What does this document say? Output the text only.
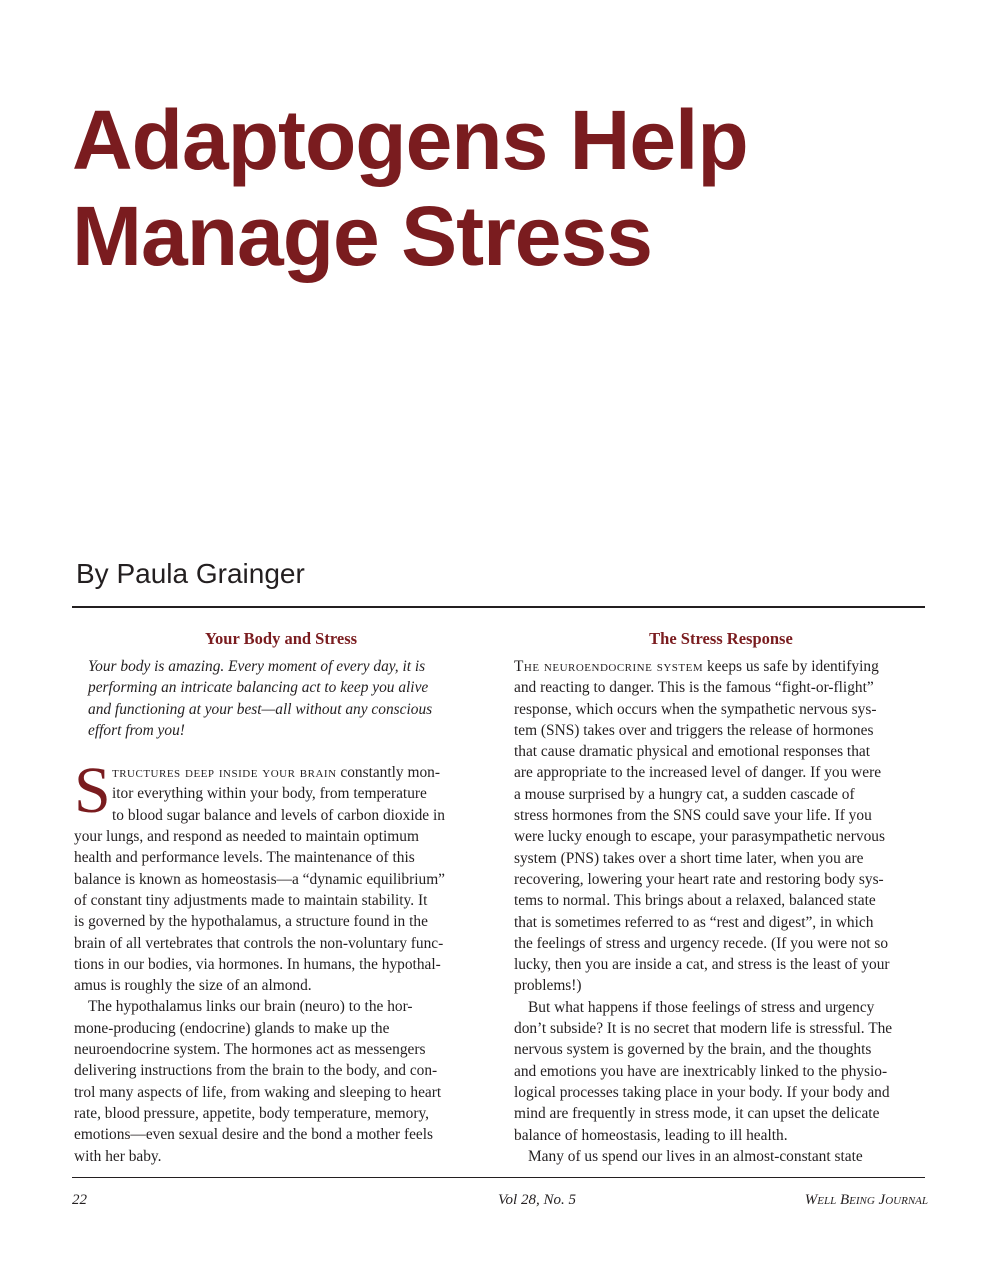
Adaptogens Help
Manage Stress
By Paula Grainger
Your Body and Stress
Your body is amazing. Every moment of every day, it is
performing an intricate balancing act to keep you alive
and functioning at your best—all without any conscious
effort from you!
S tructures deep inside your brain constantly mon-
itor everything within your body, from temperature
to blood sugar balance and levels of carbon dioxide in
your lungs, and respond as needed to maintain optimum
health and performance levels. The maintenance of this
balance is known as homeostasis—a “dynamic equilibrium”
of constant tiny adjustments made to maintain stability. It
is governed by the hypothalamus, a structure found in the
brain of all vertebrates that controls the non-voluntary func-
tions in our bodies, via hormones. In humans, the hypothal-
amus is roughly the size of an almond.
The hypothalamus links our brain (neuro) to the hor-
mone-producing (endocrine) glands to make up the
neuroendocrine system. The hormones act as messengers
delivering instructions from the brain to the body, and con-
trol many aspects of life, from waking and sleeping to heart
rate, blood pressure, appetite, body temperature, memory,
emotions—even sexual desire and the bond a mother feels
with her baby.
The Stress Response
The neuroendocrine system keeps us safe by identifying
and reacting to danger. This is the famous “fight-or-flight”
response, which occurs when the sympathetic nervous sys-
tem (SNS) takes over and triggers the release of hormones
that cause dramatic physical and emotional responses that
are appropriate to the increased level of danger. If you were
a mouse surprised by a hungry cat, a sudden cascade of
stress hormones from the SNS could save your life. If you
were lucky enough to escape, your parasympathetic nervous
system (PNS) takes over a short time later, when you are
recovering, lowering your heart rate and restoring body sys-
tems to normal. This brings about a relaxed, balanced state
that is sometimes referred to as “rest and digest”, in which
the feelings of stress and urgency recede. (If you were not so
lucky, then you are inside a cat, and stress is the least of your
problems!)
But what happens if those feelings of stress and urgency
don’t subside? It is no secret that modern life is stressful. The
nervous system is governed by the brain, and the thoughts
and emotions you have are inextricably linked to the physio-
logical processes taking place in your body. If your body and
mind are frequently in stress mode, it can upset the delicate
balance of homeostasis, leading to ill health.
Many of us spend our lives in an almost-constant state
22	Vol 28, No. 5	Well Being Journal
